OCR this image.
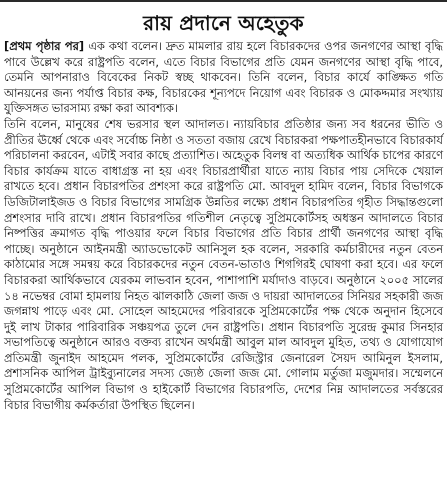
রায় প্রদানে অহেতুক

[প্রথম পৃষ্ঠার পর] এক কথা বলেন। দ্রুত মামলার রায় হলে বিচারকদের ওপর জনগণের আস্থা বৃদ্ধি পাবে উল্লেখ করে রাষ্ট্রপতি বলেন, এতে বিচার বিভাগের প্রতি যেমন জনগণের আস্থা বৃদ্ধি পাবে, তেমনি আপনারাও বিবেকের নিকট স্বচ্ছ থাকবেন। তিনি বলেন, বিচার কার্যে কাঙ্ক্ষিত গতি আনয়নের জন্য পর্যাপ্ত বিচার কক্ষ, বিচারকের শূন্যপদে নিয়োগ এবং বিচারক ও মোকদ্দমার সংখ্যায় যুক্তিসঙ্গত ভারসাম্য রক্ষা করা আবশ্যক।

তিনি বলেন, মানুষের শেষ ভরসার স্থল আদালত। ন্যায়বিচার প্রতিষ্ঠার জন্য সব ধরনের ভীতি ও প্রীতির ঊর্ধ্বে থেকে এবং সর্বোচ্চ নিষ্ঠা ও সততা বজায় রেখে বিচারকরা পক্ষপাতহীনভাবে বিচারকার্য পরিচালনা করবেন, এটাই সবার কাছে প্রত্যাশিত। অহেতুক বিলম্ব বা অত্যধিক আর্থিক চাপের কারণে বিচার কার্যক্রম যাতে বাধাগ্রস্ত না হয় এবং বিচারপ্রার্থীরা যাতে ন্যায় বিচার পায় সেদিকে খেয়াল রাখতে হবে। প্রধান বিচারপতির প্রশংসা করে রাষ্ট্রপতি মো. আবদুল হামিদ বলেন, বিচার বিভাগকে ডিজিটালাইজড ও বিচার বিভাগের সামগ্রিক উন্নতির লক্ষ্যে প্রধান বিচারপতির গৃহীত সিদ্ধান্তগুলো প্রশংসার দাবি রাখে। প্রধান বিচারপতির গতিশীল নেতৃত্বে সুপ্রিমকোর্টসহ অধস্তন আদালতে বিচার নিষ্পত্তির ক্রমাগত বৃদ্ধি পাওয়ার ফলে বিচার বিভাগের প্রতি বিচার প্রার্থী জনগণের আস্থা বৃদ্ধি পাচ্ছে। অনুষ্ঠানে আইনমন্ত্রী অ্যাডভোকেট আনিসুল হক বলেন, সরকারি কর্মচারীদের নতুন বেতন কাঠামোর সঙ্গে সমন্বয় করে বিচারকদের নতুন বেতন-ভাতাও শিগগিরই ঘোষণা করা হবে। এর ফলে বিচারকরা আর্থিকভাবে যেরকম লাভবান হবেন, পাশাপাশি মর্যাদাও বাড়বে। অনুষ্ঠানে ২০০৫ সালের ১৪ নভেম্বর বোমা হামলায় নিহত ঝালকাঠি জেলা জজ ও দায়রা আদালতের সিনিয়র সহকারী জজ জগন্নাথ পাড়ে এবং মো. সোহেল আহমেদের পরিবারকে সুপ্রিমকোর্টের পক্ষ থেকে অনুদান হিসেবে দুই লাখ টাকার পারিবারিক সঞ্চয়পত্র তুলে দেন রাষ্ট্রপতি। প্রধান বিচারপতি সুরেন্দ্র কুমার সিনহার সভাপতিত্বে অনুষ্ঠানে আরও বক্তব্য রাখেন অর্থমন্ত্রী আবুল মাল আবদুল মুহিত, তথ্য ও যোগাযোগ প্রতিমন্ত্রী জুনাইদ আহমেদ পলক, সুপ্রিমকোর্টের রেজিস্ট্রার জেনারেল সৈয়দ আমিনুল ইসলাম, প্রশাসনিক আপিল ট্রাইব্যুনালের সদস্য জ্যেষ্ঠ জেলা জজ মো. গোলাম মর্তুজা মজুমদার। সম্মেলনে সুপ্রিমকোর্টের আপিল বিভাগ ও হাইকোর্ট বিভাগের বিচারপতি, দেশের নিম্ন আদালতের সর্বস্তরের বিচার বিভাগীয় কর্মকর্তারা উপস্থিত ছিলেন।
